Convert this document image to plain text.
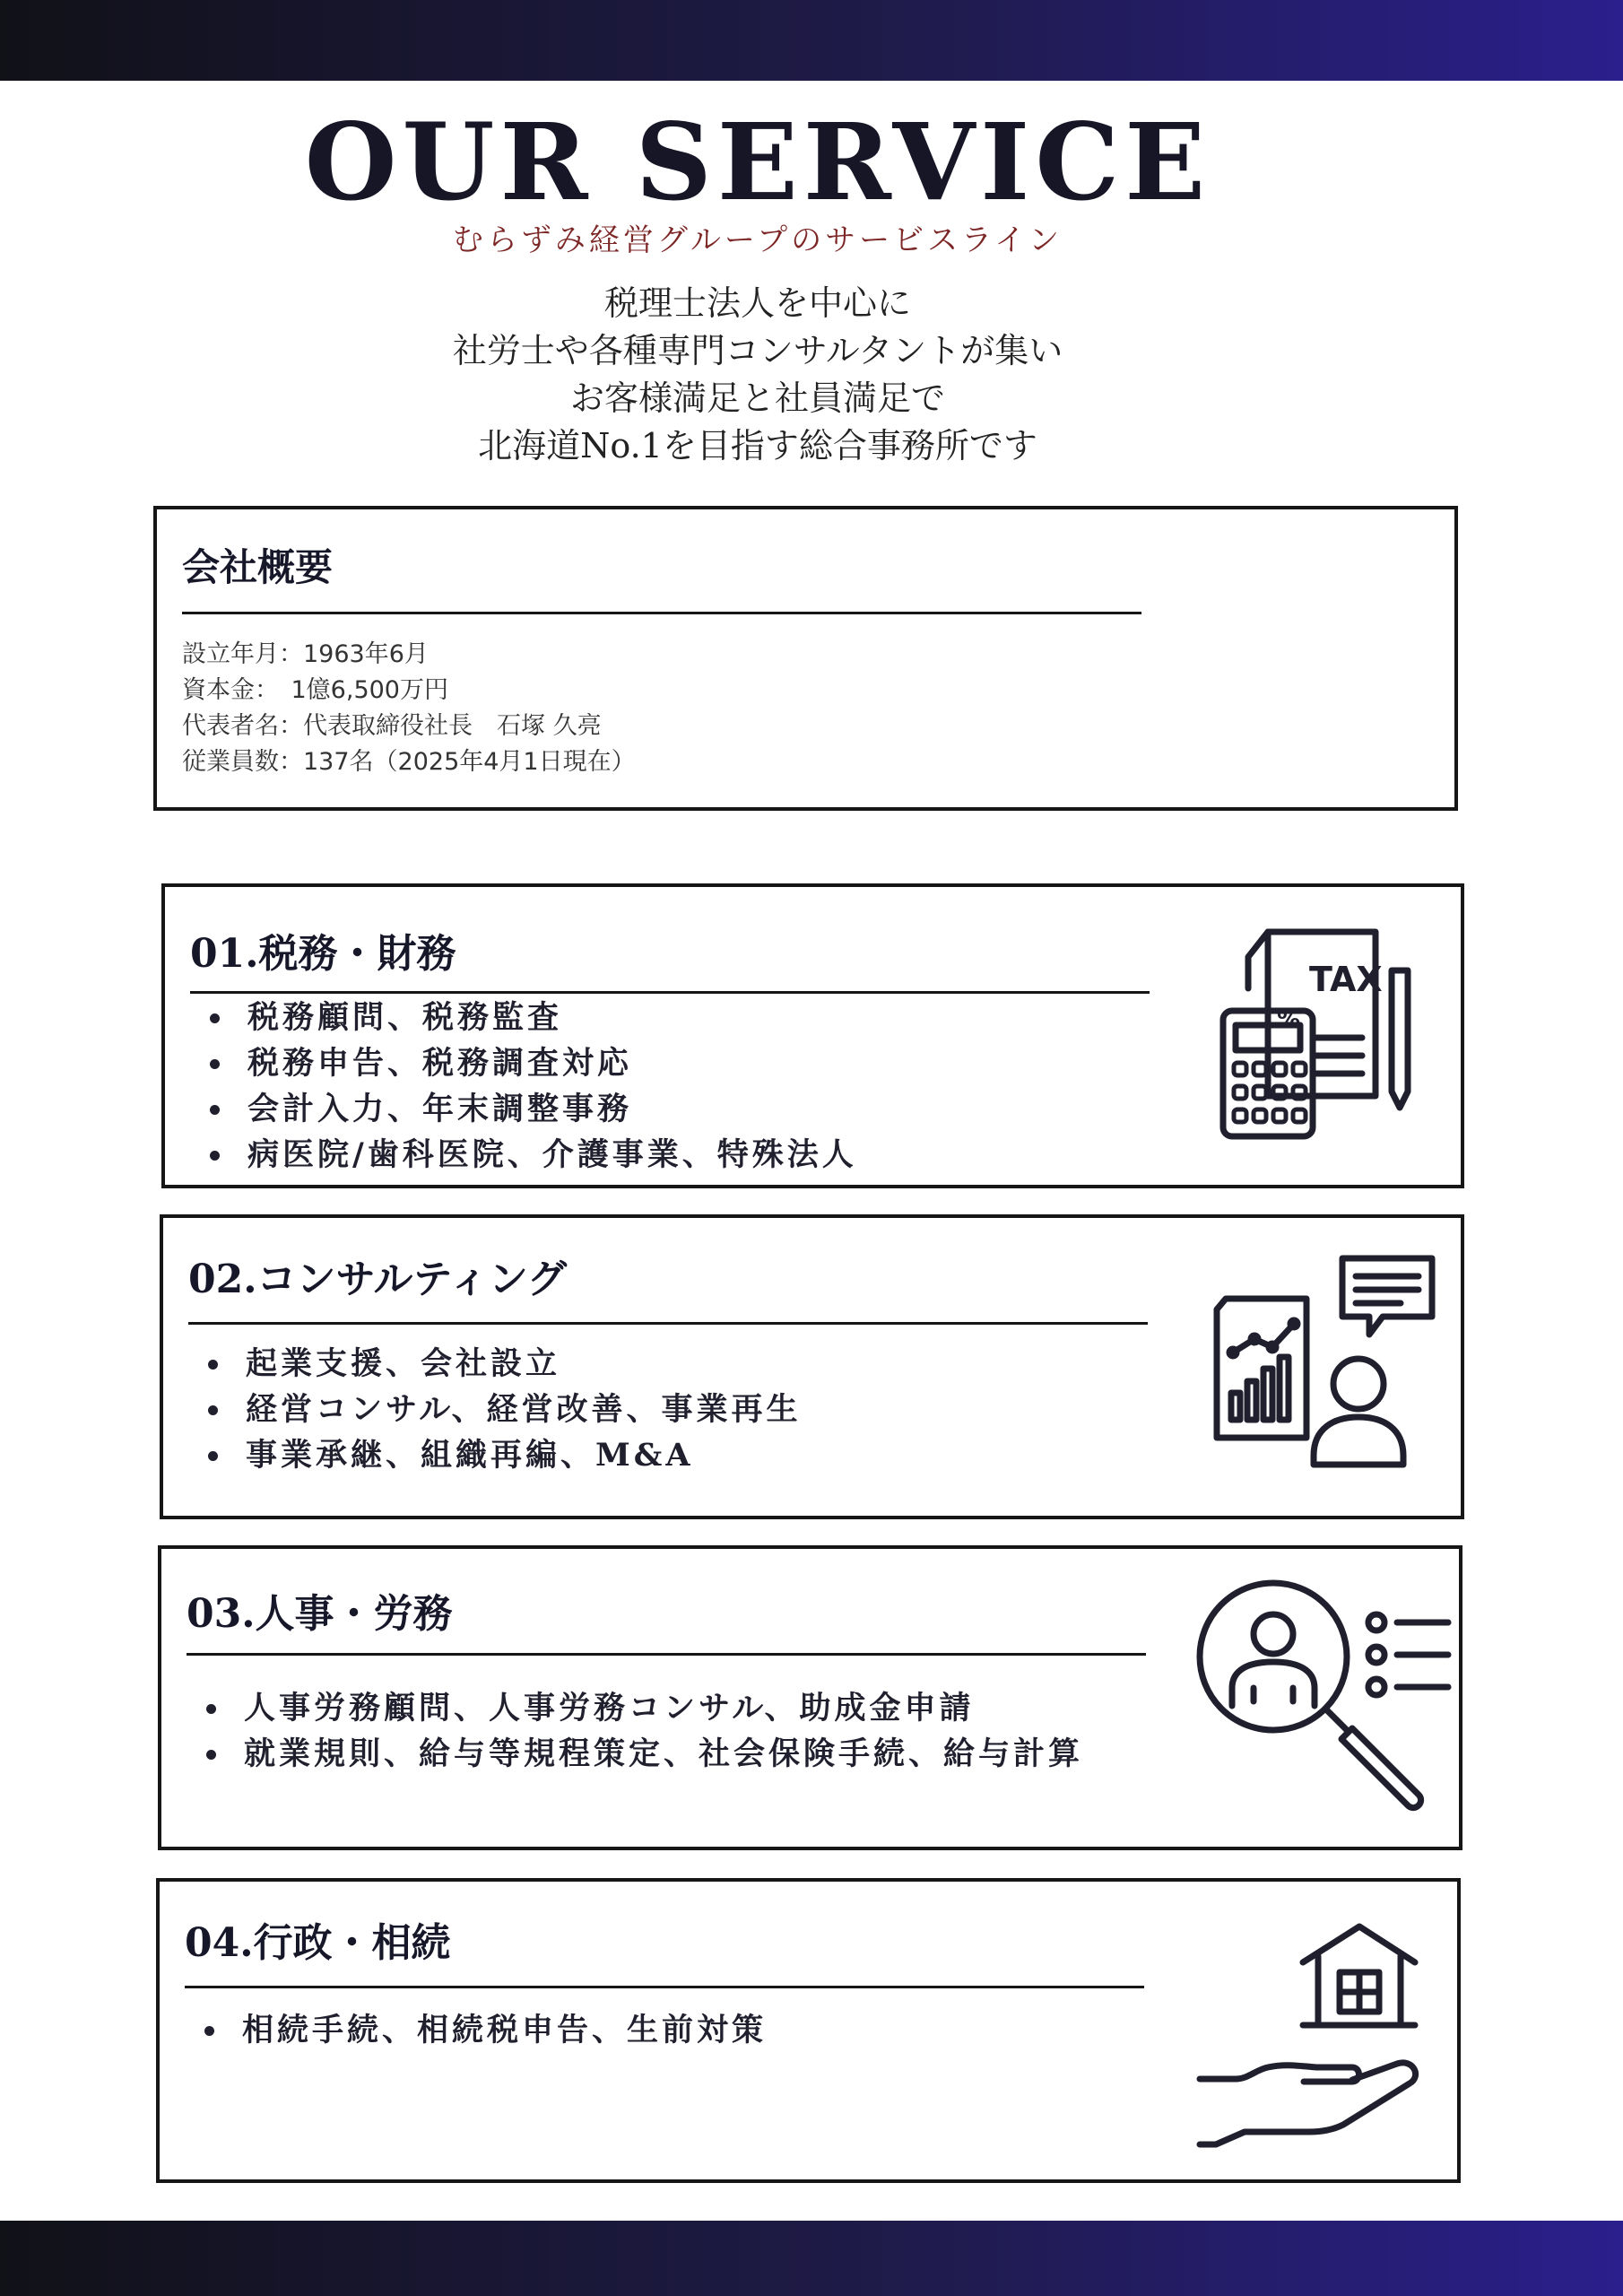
OUR SERVICE
むらずみ経営グループのサービスライン
税理士法人を中心に
社労士や各種専門コンサルタントが集い
お客様満足と社員満足で
北海道No.1を目指す総合事務所です
会社概要
設立年月：1963年6月
資本金：　1億6,500万円
代表者名：代表取締役社長　石塚 久亮
従業員数：137名（2025年4月1日現在）
01.税務・財務
税務顧問、税務監査
税務申告、税務調査対応
会計入力、年末調整事務
病医院/歯科医院、介護事業、特殊法人
TAX
%
02.コンサルティング
起業支援、会社設立
経営コンサル、経営改善、事業再生
事業承継、組織再編、M&A
03.人事・労務
人事労務顧問、人事労務コンサル、助成金申請
就業規則、給与等規程策定、社会保険手続、給与計算
04.行政・相続
相続手続、相続税申告、生前対策
